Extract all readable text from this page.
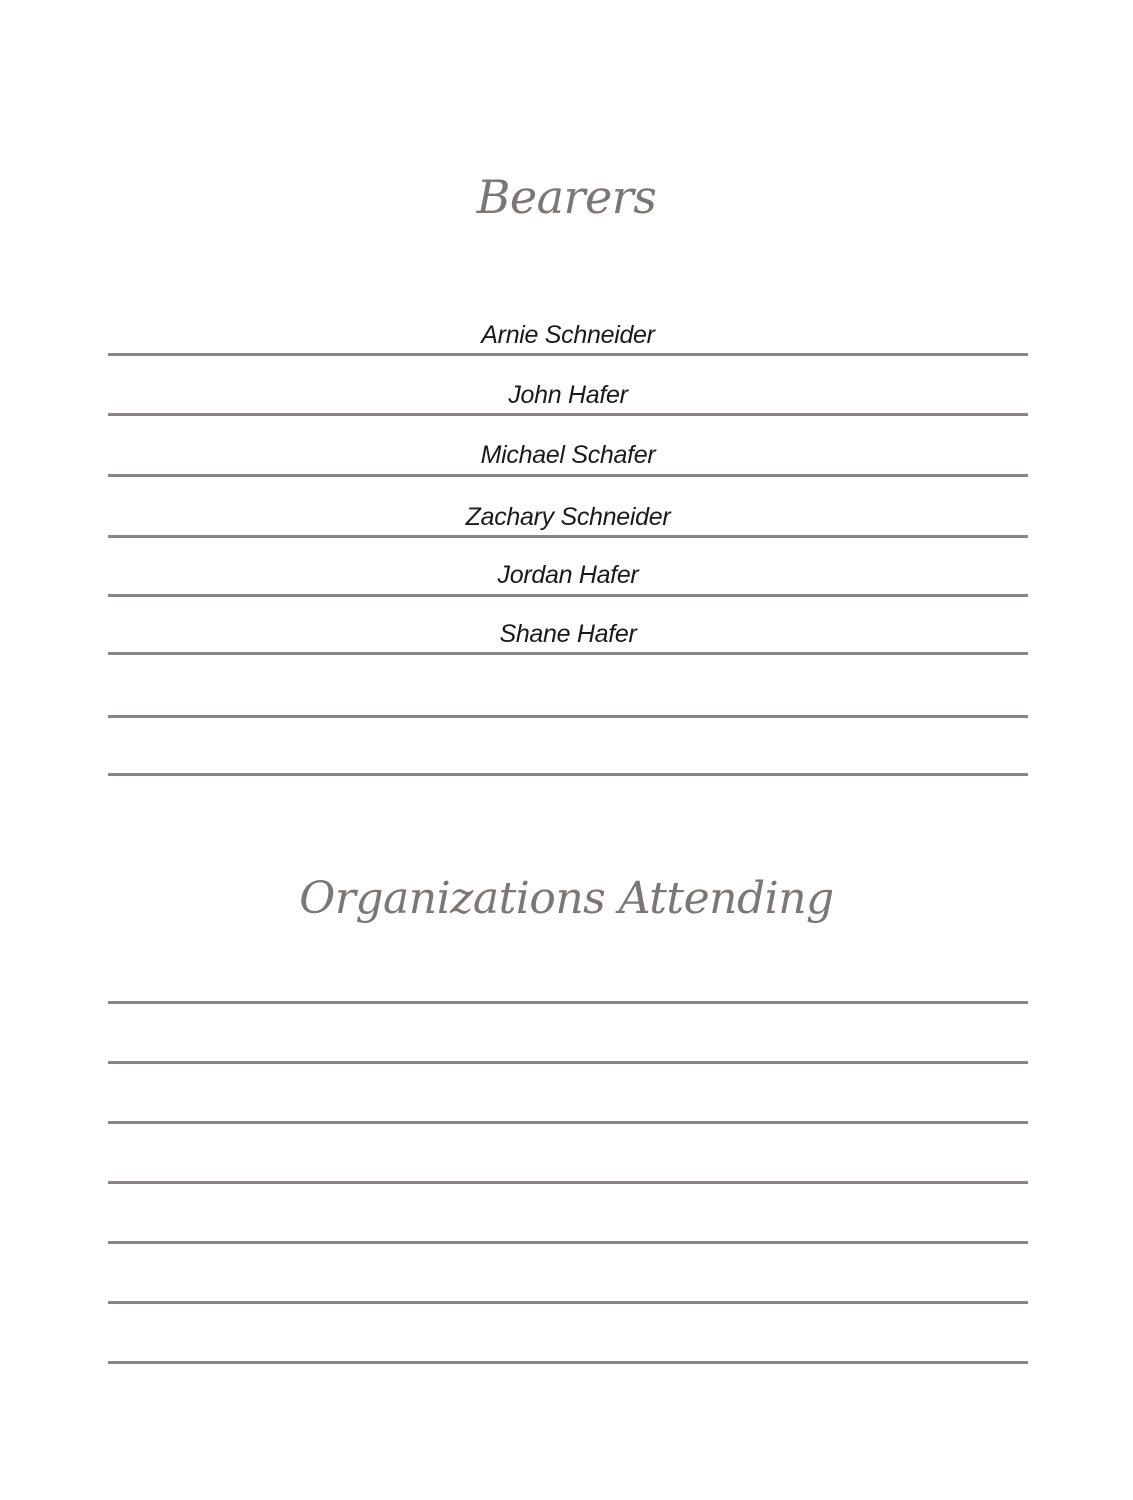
Bearers
Arnie Schneider
John Hafer
Michael Schafer
Zachary Schneider
Jordan Hafer
Shane Hafer
Organizations Attending
